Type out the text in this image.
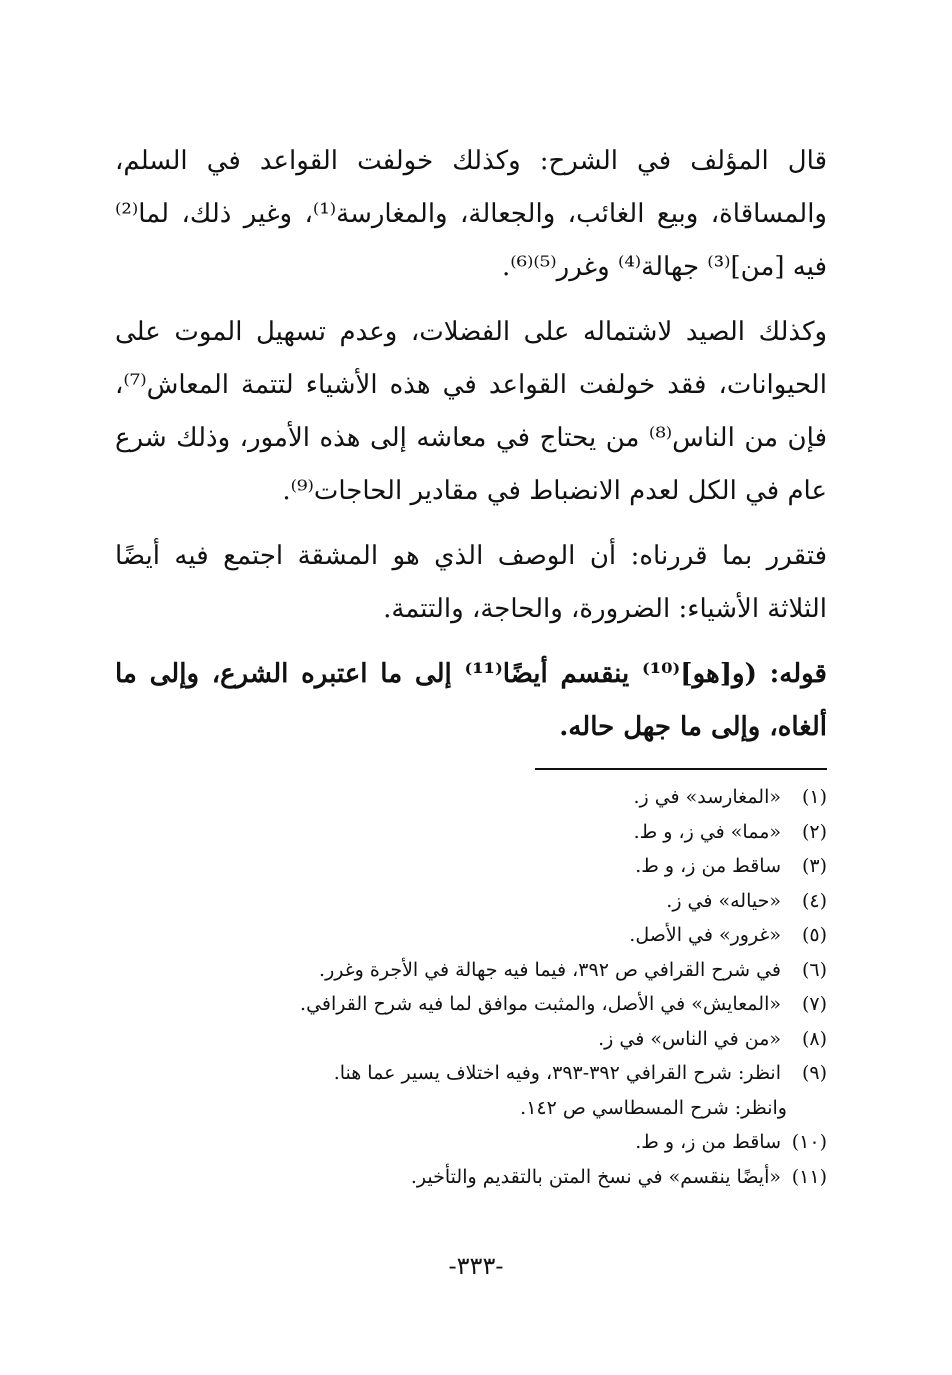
قال المؤلف في الشرح: وكذلك خولفت القواعد في السلم، والمساقاة، وبيع الغائب، والجعالة، والمغارسة⁽¹⁾، وغير ذلك، لما⁽²⁾ فيه [من]⁽³⁾ جهالة⁽⁴⁾ وغرر⁽⁵⁾⁽⁶⁾.

وكذلك الصيد لاشتماله على الفضلات، وعدم تسهيل الموت على الحيوانات، فقد خولفت القواعد في هذه الأشياء لتتمة المعاش⁽⁷⁾، فإن من الناس⁽⁸⁾ من يحتاج في معاشه إلى هذه الأمور، وذلك شرع عام في الكل لعدم الانضباط في مقادير الحاجات⁽⁹⁾.

فتقرر بما قررناه: أن الوصف الذي هو المشقة اجتمع فيه أيضًا الثلاثة الأشياء: الضرورة، والحاجة، والتتمة.

قوله: (و[هو]⁽¹⁰⁾ ينقسم أيضًا⁽¹¹⁾ إلى ما اعتبره الشرع، وإلى ما ألغاه، وإلى ما جهل حاله.

(١)«المغارسد» في ز.
(٢)«مما» في ز، و ط.
(٣)ساقط من ز، و ط.
(٤)«حياله» في ز.
(٥)«غرور» في الأصل.
(٦)في شرح القرافي ص ٣٩٢، فيما فيه جهالة في الأجرة وغرر.
(٧)«المعايش» في الأصل، والمثبت موافق لما فيه شرح القرافي.
(٨)«من في الناس» في ز.
(٩)انظر: شرح القرافي ٣٩٢-٣٩٣، وفيه اختلاف يسير عما هنا.
وانظر: شرح المسطاسي ص ١٤٢.
(١٠)ساقط من ز، و ط.
(١١)«أيضًا ينقسم» في نسخ المتن بالتقديم والتأخير.
-٣٣٣-
